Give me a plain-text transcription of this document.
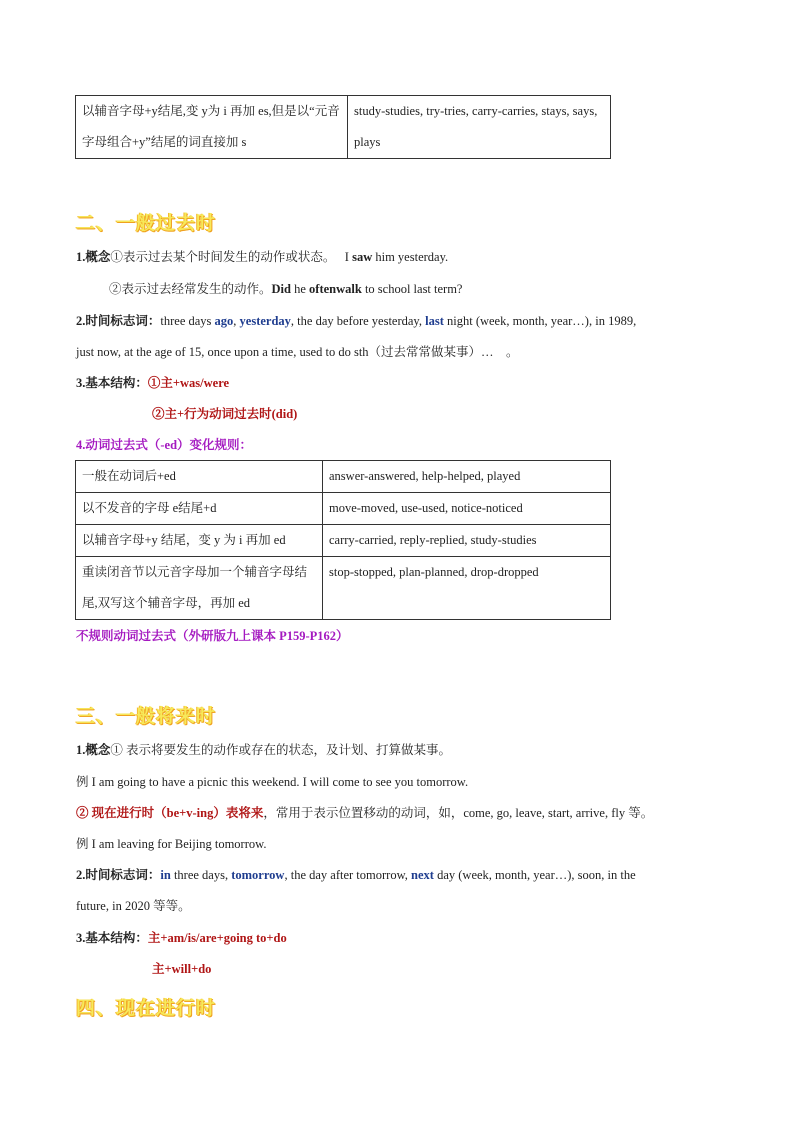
以辅音字母+y结尾,变 y为 i 再加 es,但是以“元音字母组合+y”结尾的词直接加 s	study-studies, try-tries, carry-carries, stays, says, plays
二、一般过去时
1.概念①表示过去某个时间发生的动作或状态。 I saw him yesterday.
②表示过去经常发生的动作。Did he oftenwalk to school last term?
2.时间标志词：three days ago, yesterday, the day before yesterday, last night (week, month, year…), in 1989,
just now, at the age of 15, once upon a time, used to do sth（过去常常做某事）…　。
3.基本结构：①主+was/were
②主+行为动词过去时(did)
4.动词过去式（-ed）变化规则：
一般在动词后+ed	answer-answered, help-helped, played
以不发音的字母 e结尾+d	move-moved, use-used, notice-noticed
以辅音字母+y 结尾，变 y 为 i 再加 ed	carry-carried, reply-replied, study-studies
重读闭音节以元音字母加一个辅音字母结尾,双写这个辅音字母，再加 ed	stop-stopped, plan-planned, drop-dropped
不规则动词过去式（外研版九上课本 P159-P162）
三、一般将来时
1.概念① 表示将要发生的动作或存在的状态，及计划、打算做某事。
例 I am going to have a picnic this weekend. I will come to see you tomorrow.
② 现在进行时（be+v-ing）表将来，常用于表示位置移动的动词，如，come, go, leave, start, arrive, fly 等。
例 I am leaving for Beijing tomorrow.
2.时间标志词：in three days, tomorrow, the day after tomorrow, next day (week, month, year…), soon, in the
future, in 2020 等等。
3.基本结构：主+am/is/are+going to+do
主+will+do
四、现在进行时
